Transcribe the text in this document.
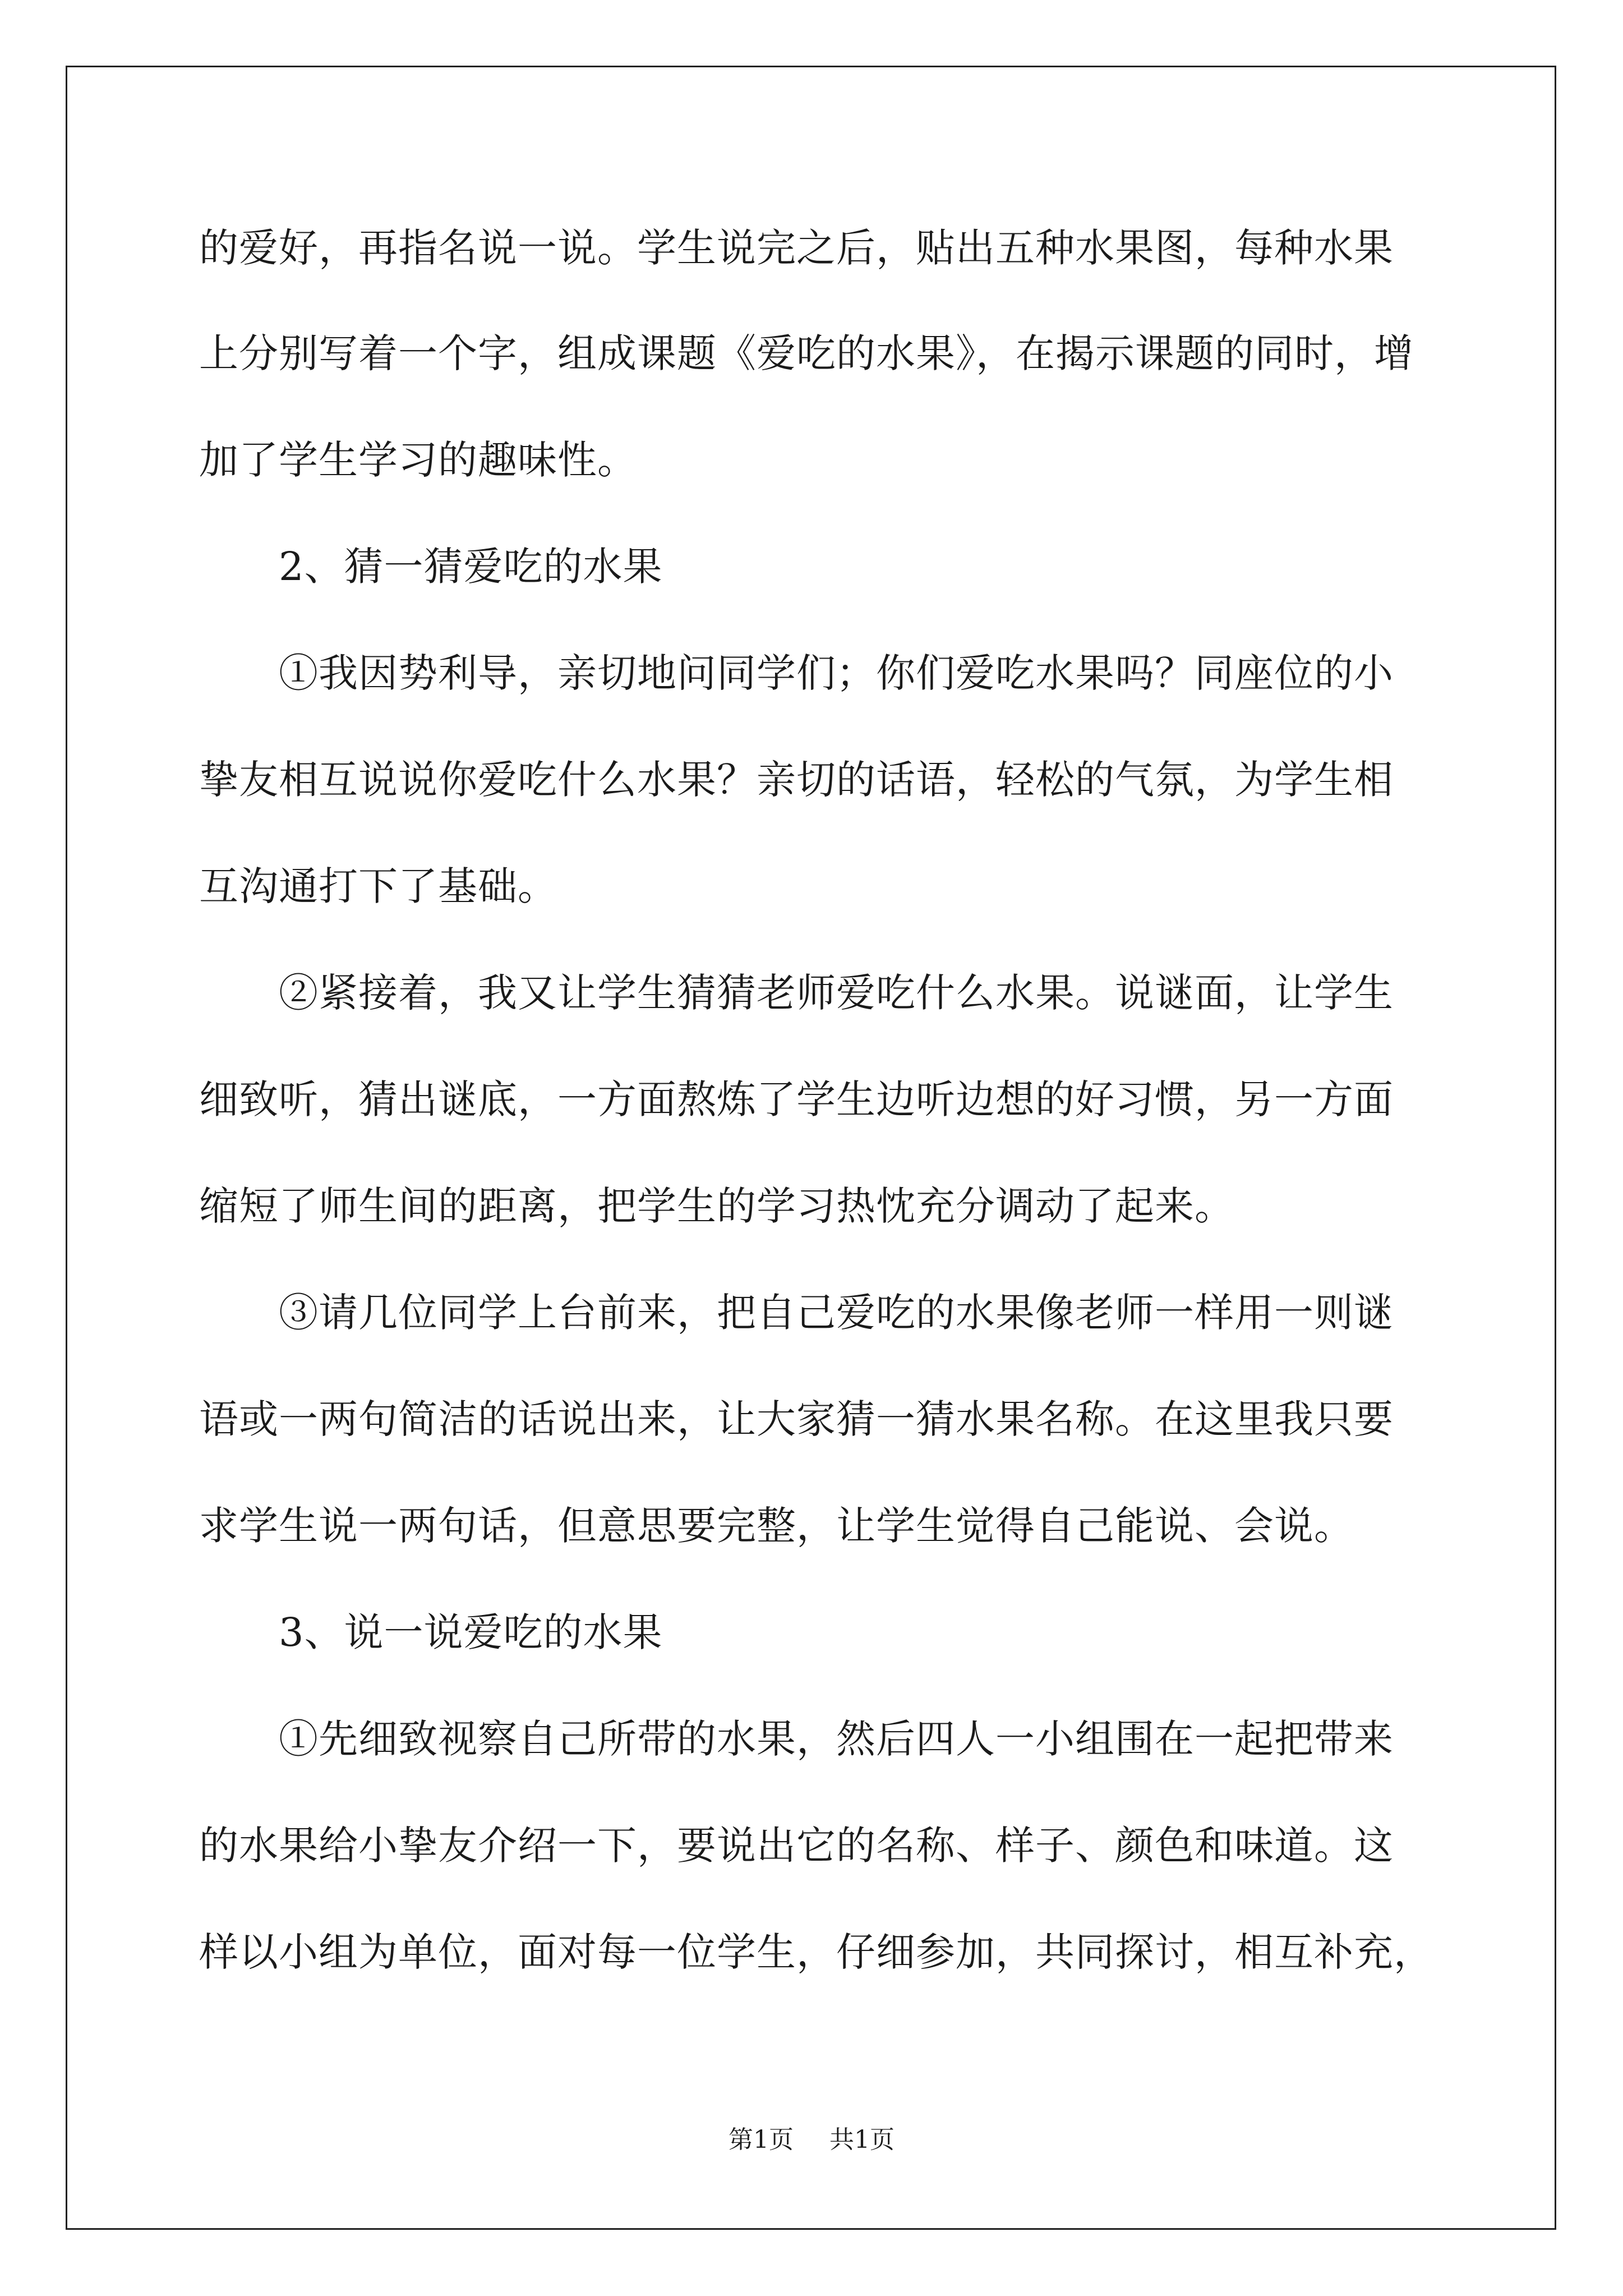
的爱好，再指名说一说。学生说完之后，贴出五种水果图，每种水果
上分别写着一个字，组成课题《爱吃的水果》，在揭示课题的同时，增
加了学生学习的趣味性。
　　2、猜一猜爱吃的水果
　　①我因势利导，亲切地问同学们；你们爱吃水果吗？同座位的小
挚友相互说说你爱吃什么水果？亲切的话语，轻松的气氛，为学生相
互沟通打下了基础。
　　②紧接着，我又让学生猜猜老师爱吃什么水果。说谜面，让学生
细致听，猜出谜底，一方面熬炼了学生边听边想的好习惯，另一方面
缩短了师生间的距离，把学生的学习热忱充分调动了起来。
　　③请几位同学上台前来，把自己爱吃的水果像老师一样用一则谜
语或一两句简洁的话说出来，让大家猜一猜水果名称。在这里我只要
求学生说一两句话，但意思要完整，让学生觉得自己能说、会说。
　　3、说一说爱吃的水果
　　①先细致视察自己所带的水果，然后四人一小组围在一起把带来
的水果给小挚友介绍一下，要说出它的名称、样子、颜色和味道。这
样以小组为单位，面对每一位学生，仔细参加，共同探讨，相互补充，
第1页 共1页
